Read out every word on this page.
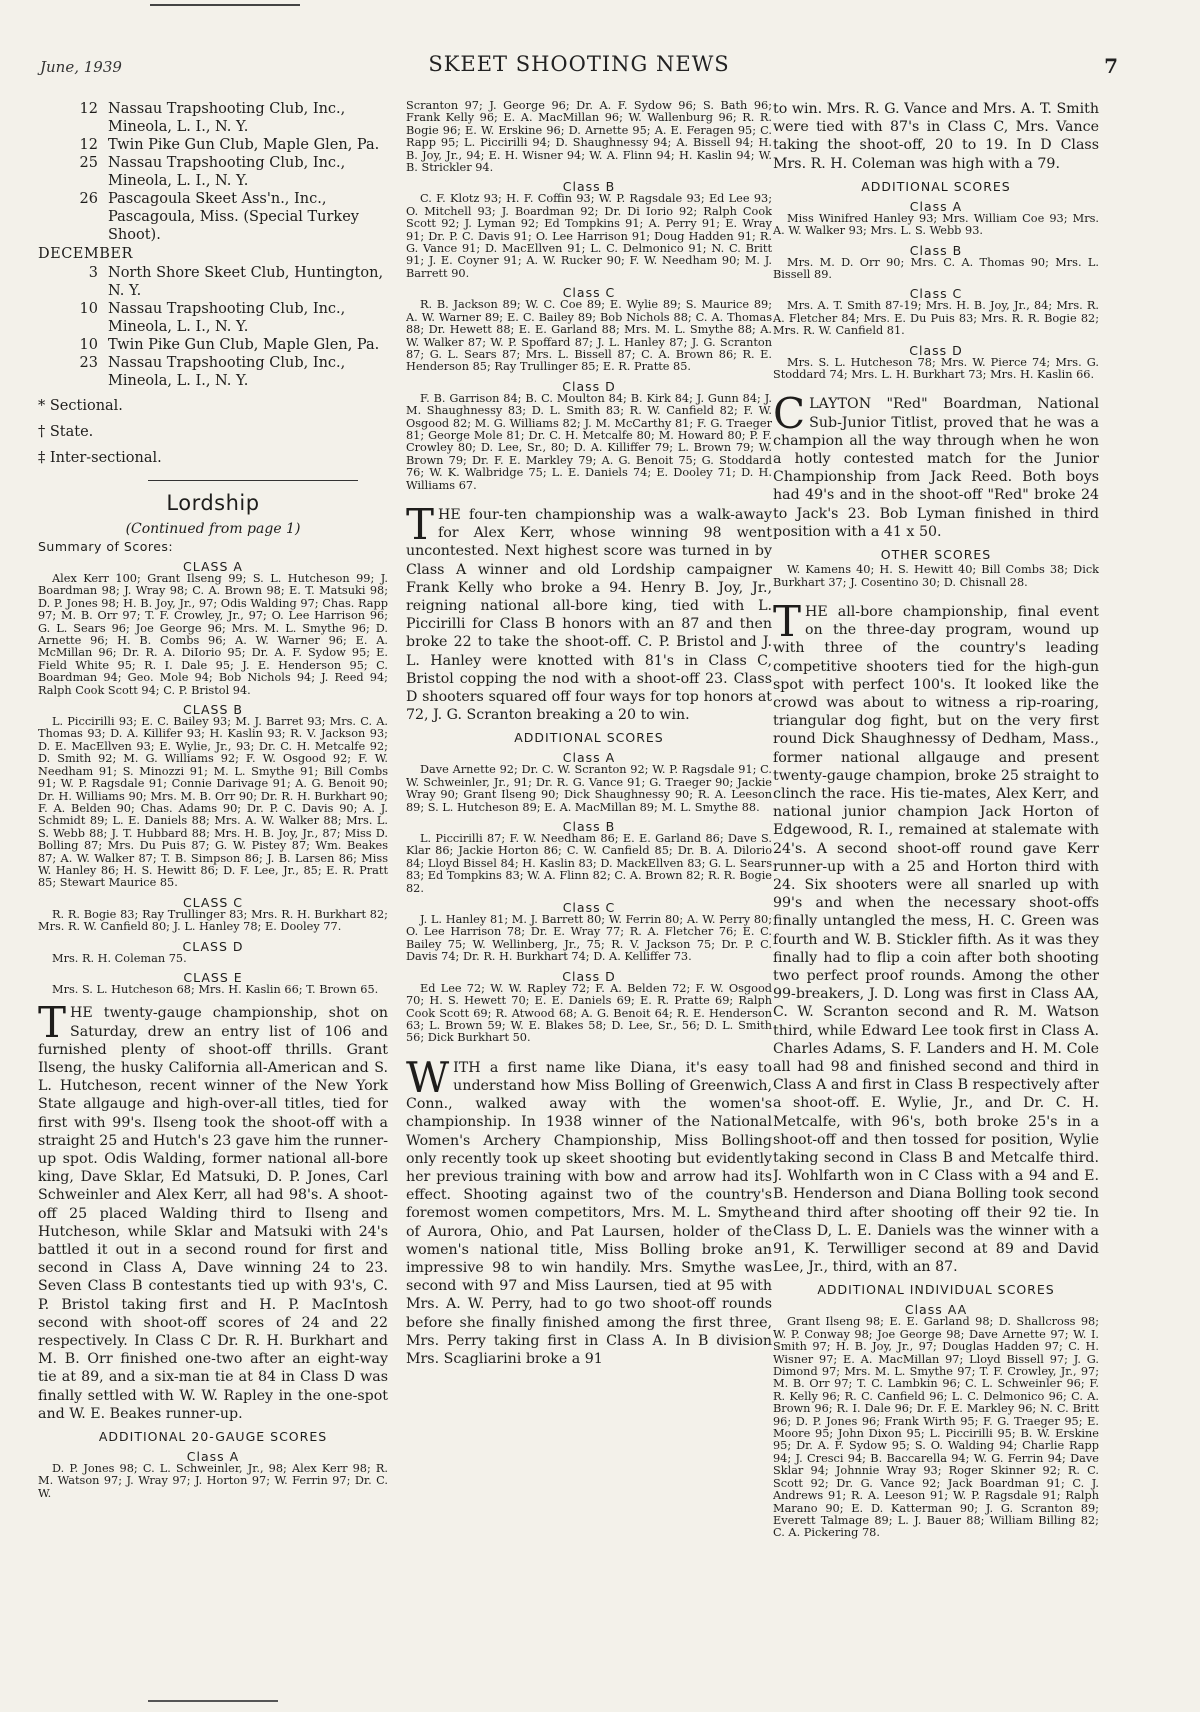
June, 1939	SKEET SHOOTING NEWS	7
12 Nassau Trapshooting Club, Inc., Mineola, L. I., N. Y.
12 Twin Pike Gun Club, Maple Glen, Pa.
25 Nassau Trapshooting Club, Inc., Mineola, L. I., N. Y.
26 Pascagoula Skeet Ass'n., Inc., Pascagoula, Miss. (Special Turkey Shoot).
DECEMBER
3 North Shore Skeet Club, Huntington, N. Y.
10 Nassau Trapshooting Club, Inc., Mineola, L. I., N. Y.
10 Twin Pike Gun Club, Maple Glen, Pa.
23 Nassau Trapshooting Club, Inc., Mineola, L. I., N. Y.

* Sectional.

† State.

‡ Inter-sectional.

Lordship
(Continued from page 1)
Summary of Scores:
CLASS A

Alex Kerr 100; Grant Ilseng 99; S. L. Hutcheson 99; J. Boardman 98; J. Wray 98; C. A. Brown 98; E. T. Matsuki 98; D. P. Jones 98; H. B. Joy, Jr., 97; Odis Walding 97; Chas. Rapp 97; M. B. Orr 97; T. F. Crowley, Jr., 97; O. Lee Harrison 96; G. L. Sears 96; Joe George 96; Mrs. M. L. Smythe 96; D. Arnette 96; H. B. Combs 96; A. W. Warner 96; E. A. McMillan 96; Dr. R. A. DiIorio 95; Dr. A. F. Sydow 95; E. Field White 95; R. I. Dale 95; J. E. Henderson 95; C. Boardman 94; Geo. Mole 94; Bob Nichols 94; J. Reed 94; Ralph Cook Scott 94; C. P. Bristol 94.

CLASS B

L. Piccirilli 93; E. C. Bailey 93; M. J. Barret 93; Mrs. C. A. Thomas 93; D. A. Killifer 93; H. Kaslin 93; R. V. Jackson 93; D. E. MacEllven 93; E. Wylie, Jr., 93; Dr. C. H. Metcalfe 92; D. Smith 92; M. G. Williams 92; F. W. Osgood 92; F. W. Needham 91; S. Minozzi 91; M. L. Smythe 91; Bill Combs 91; W. P. Ragsdale 91; Connie Darivage 91; A. G. Benoit 90; Dr. H. Williams 90; Mrs. M. B. Orr 90; Dr. R. H. Burkhart 90; F. A. Belden 90; Chas. Adams 90; Dr. P. C. Davis 90; A. J. Schmidt 89; L. E. Daniels 88; Mrs. A. W. Walker 88; Mrs. L. S. Webb 88; J. T. Hubbard 88; Mrs. H. B. Joy, Jr., 87; Miss D. Bolling 87; Mrs. Du Puis 87; G. W. Pistey 87; Wm. Beakes 87; A. W. Walker 87; T. B. Simpson 86; J. B. Larsen 86; Miss W. Hanley 86; H. S. Hewitt 86; D. F. Lee, Jr., 85; E. R. Pratt 85; Stewart Maurice 85.

CLASS C

R. R. Bogie 83; Ray Trullinger 83; Mrs. R. H. Burkhart 82; Mrs. R. W. Canfield 80; J. L. Hanley 78; E. Dooley 77.

CLASS D

Mrs. R. H. Coleman 75.

CLASS E

Mrs. S. L. Hutcheson 68; Mrs. H. Kaslin 66; T. Brown 65.

THE twenty-gauge championship, shot on Saturday, drew an entry list of 106 and furnished plenty of shoot-off thrills. Grant Ilseng, the husky California all-American and S. L. Hutcheson, recent winner of the New York State allgauge and high-over-all titles, tied for first with 99's. Ilseng took the shoot-off with a straight 25 and Hutch's 23 gave him the runner-up spot. Odis Walding, former national all-bore king, Dave Sklar, Ed Matsuki, D. P. Jones, Carl Schweinler and Alex Kerr, all had 98's. A shoot-off 25 placed Walding third to Ilseng and Hutcheson, while Sklar and Matsuki with 24's battled it out in a second round for first and second in Class A, Dave winning 24 to 23. Seven Class B contestants tied up with 93's, C. P. Bristol taking first and H. P. MacIntosh second with shoot-off scores of 24 and 22 respectively. In Class C Dr. R. H. Burkhart and M. B. Orr finished one-two after an eight-way tie at 89, and a six-man tie at 84 in Class D was finally settled with W. W. Rapley in the one-spot and W. E. Beakes runner-up.

ADDITIONAL 20-GAUGE SCORES
Class A

D. P. Jones 98; C. L. Schweinler, Jr., 98; Alex Kerr 98; R. M. Watson 97; J. Wray 97; J. Horton 97; W. Ferrin 97; Dr. C. W.

Scranton 97; J. George 96; Dr. A. F. Sydow 96; S. Bath 96; Frank Kelly 96; E. A. MacMillan 96; W. Wallenburg 96; R. R. Bogie 96; E. W. Erskine 96; D. Arnette 95; A. E. Feragen 95; C. Rapp 95; L. Piccirilli 94; D. Shaughnessy 94; A. Bissell 94; H. B. Joy, Jr., 94; E. H. Wisner 94; W. A. Flinn 94; H. Kaslin 94; W. B. Strickler 94.

Class B

C. F. Klotz 93; H. F. Coffin 93; W. P. Ragsdale 93; Ed Lee 93; O. Mitchell 93; J. Boardman 92; Dr. Di Iorio 92; Ralph Cook Scott 92; J. Lyman 92; Ed Tompkins 91; A. Perry 91; E. Wray 91; Dr. P. C. Davis 91; O. Lee Harrison 91; Doug Hadden 91; R. G. Vance 91; D. MacEllven 91; L. C. Delmonico 91; N. C. Britt 91; J. E. Coyner 91; A. W. Rucker 90; F. W. Needham 90; M. J. Barrett 90.

Class C

R. B. Jackson 89; W. C. Coe 89; E. Wylie 89; S. Maurice 89; A. W. Warner 89; E. C. Bailey 89; Bob Nichols 88; C. A. Thomas 88; Dr. Hewett 88; E. E. Garland 88; Mrs. M. L. Smythe 88; A. W. Walker 87; W. P. Spoffard 87; J. L. Hanley 87; J. G. Scranton 87; G. L. Sears 87; Mrs. L. Bissell 87; C. A. Brown 86; R. E. Henderson 85; Ray Trullinger 85; E. R. Pratte 85.

Class D

F. B. Garrison 84; B. C. Moulton 84; B. Kirk 84; J. Gunn 84; J. M. Shaughnessy 83; D. L. Smith 83; R. W. Canfield 82; F. W. Osgood 82; M. G. Williams 82; J. M. McCarthy 81; F. G. Traeger 81; George Mole 81; Dr. C. H. Metcalfe 80; M. Howard 80; P. F. Crowley 80; D. Lee, Sr., 80; D. A. Killiffer 79; L. Brown 79; W. Brown 79; Dr. F. E. Markley 79; A. G. Benoit 75; G. Stoddard 76; W. K. Walbridge 75; L. E. Daniels 74; E. Dooley 71; D. H. Williams 67.

THE four-ten championship was a walk-away for Alex Kerr, whose winning 98 went uncontested. Next highest score was turned in by Class A winner and old Lordship campaigner Frank Kelly who broke a 94. Henry B. Joy, Jr., reigning national all-bore king, tied with L. Piccirilli for Class B honors with an 87 and then broke 22 to take the shoot-off. C. P. Bristol and J. L. Hanley were knotted with 81's in Class C, Bristol copping the nod with a shoot-off 23. Class D shooters squared off four ways for top honors at 72, J. G. Scranton breaking a 20 to win.

ADDITIONAL SCORES
Class A

Dave Arnette 92; Dr. C. W. Scranton 92; W. P. Ragsdale 91; C. W. Schweinler, Jr., 91; Dr. R. G. Vance 91; G. Traeger 90; Jackie Wray 90; Grant Ilseng 90; Dick Shaughnessy 90; R. A. Leeson 89; S. L. Hutcheson 89; E. A. MacMillan 89; M. L. Smythe 88.

Class B

L. Piccirilli 87; F. W. Needham 86; E. E. Garland 86; Dave S. Klar 86; Jackie Horton 86; C. W. Canfield 85; Dr. B. A. Dilorio 84; Lloyd Bissel 84; H. Kaslin 83; D. MackEllven 83; G. L. Sears 83; Ed Tompkins 83; W. A. Flinn 82; C. A. Brown 82; R. R. Bogie 82.

Class C

J. L. Hanley 81; M. J. Barrett 80; W. Ferrin 80; A. W. Perry 80; O. Lee Harrison 78; Dr. E. Wray 77; R. A. Fletcher 76; E. C. Bailey 75; W. Wellinberg, Jr., 75; R. V. Jackson 75; Dr. P. C. Davis 74; Dr. R. H. Burkhart 74; D. A. Kelliffer 73.

Class D

Ed Lee 72; W. W. Rapley 72; F. A. Belden 72; F. W. Osgood 70; H. S. Hewett 70; E. E. Daniels 69; E. R. Pratte 69; Ralph Cook Scott 69; R. Atwood 68; A. G. Benoit 64; R. E. Henderson 63; L. Brown 59; W. E. Blakes 58; D. Lee, Sr., 56; D. L. Smith 56; Dick Burkhart 50.

WITH a first name like Diana, it's easy to understand how Miss Bolling of Greenwich, Conn., walked away with the women's championship. In 1938 winner of the National Women's Archery Championship, Miss Bolling only recently took up skeet shooting but evidently her previous training with bow and arrow had its effect. Shooting against two of the country's foremost women competitors, Mrs. M. L. Smythe of Aurora, Ohio, and Pat Laursen, holder of the women's national title, Miss Bolling broke an impressive 98 to win handily. Mrs. Smythe was second with 97 and Miss Laursen, tied at 95 with Mrs. A. W. Perry, had to go two shoot-off rounds before she finally finished among the first three, Mrs. Perry taking first in Class A. In B division Mrs. Scagliarini broke a 91

to win. Mrs. R. G. Vance and Mrs. A. T. Smith were tied with 87's in Class C, Mrs. Vance taking the shoot-off, 20 to 19. In D Class Mrs. R. H. Coleman was high with a 79.

ADDITIONAL SCORES
Class A

Miss Winifred Hanley 93; Mrs. William Coe 93; Mrs. A. W. Walker 93; Mrs. L. S. Webb 93.

Class B

Mrs. M. D. Orr 90; Mrs. C. A. Thomas 90; Mrs. L. Bissell 89.

Class C

Mrs. A. T. Smith 87-19; Mrs. H. B. Joy, Jr., 84; Mrs. R. A. Fletcher 84; Mrs. E. Du Puis 83; Mrs. R. R. Bogie 82; Mrs. R. W. Canfield 81.

Class D

Mrs. S. L. Hutcheson 78; Mrs. W. Pierce 74; Mrs. G. Stoddard 74; Mrs. L. H. Burkhart 73; Mrs. H. Kaslin 66.

CLAYTON "Red" Boardman, National Sub-Junior Titlist, proved that he was a champion all the way through when he won a hotly contested match for the Junior Championship from Jack Reed. Both boys had 49's and in the shoot-off "Red" broke 24 to Jack's 23. Bob Lyman finished in third position with a 41 x 50.

OTHER SCORES

W. Kamens 40; H. S. Hewitt 40; Bill Combs 38; Dick Burkhart 37; J. Cosentino 30; D. Chisnall 28.

THE all-bore championship, final event on the three-day program, wound up with three of the country's leading competitive shooters tied for the high-gun spot with perfect 100's. It looked like the crowd was about to witness a rip-roaring, triangular dog fight, but on the very first round Dick Shaughnessy of Dedham, Mass., former national allgauge and present twenty-gauge champion, broke 25 straight to clinch the race. His tie-mates, Alex Kerr, and national junior champion Jack Horton of Edgewood, R. I., remained at stalemate with 24's. A second shoot-off round gave Kerr runner-up with a 25 and Horton third with 24. Six shooters were all snarled up with 99's and when the necessary shoot-offs finally untangled the mess, H. C. Green was fourth and W. B. Stickler fifth. As it was they finally had to flip a coin after both shooting two perfect proof rounds. Among the other 99-breakers, J. D. Long was first in Class AA, C. W. Scranton second and R. M. Watson third, while Edward Lee took first in Class A. Charles Adams, S. F. Landers and H. M. Cole all had 98 and finished second and third in Class A and first in Class B respectively after a shoot-off. E. Wylie, Jr., and Dr. C. H. Metcalfe, with 96's, both broke 25's in a shoot-off and then tossed for position, Wylie taking second in Class B and Metcalfe third. J. Wohlfarth won in C Class with a 94 and E. B. Henderson and Diana Bolling took second and third after shooting off their 92 tie. In Class D, L. E. Daniels was the winner with a 91, K. Terwilliger second at 89 and David Lee, Jr., third, with an 87.

ADDITIONAL INDIVIDUAL SCORES
Class AA

Grant Ilseng 98; E. E. Garland 98; D. Shallcross 98; W. P. Conway 98; Joe George 98; Dave Arnette 97; W. I. Smith 97; H. B. Joy, Jr., 97; Douglas Hadden 97; C. H. Wisner 97; E. A. MacMillan 97; Lloyd Bissell 97; J. G. Dimond 97; Mrs. M. L. Smythe 97; T. F. Crowley, Jr., 97; M. B. Orr 97; T. C. Lambkin 96; C. L. Schweinler 96; F. R. Kelly 96; R. C. Canfield 96; L. C. Delmonico 96; C. A. Brown 96; R. I. Dale 96; Dr. F. E. Markley 96; N. C. Britt 96; D. P. Jones 96; Frank Wirth 95; F. G. Traeger 95; E. Moore 95; John Dixon 95; L. Piccirilli 95; B. W. Erskine 95; Dr. A. F. Sydow 95; S. O. Walding 94; Charlie Rapp 94; J. Cresci 94; B. Baccarella 94; W. G. Ferrin 94; Dave Sklar 94; Johnnie Wray 93; Roger Skinner 92; R. C. Scott 92; Dr. G. Vance 92; Jack Boardman 91; C. J. Andrews 91; R. A. Leeson 91; W. P. Ragsdale 91; Ralph Marano 90; E. D. Katterman 90; J. G. Scranton 89; Everett Talmage 89; L. J. Bauer 88; William Billing 82; C. A. Pickering 78.
